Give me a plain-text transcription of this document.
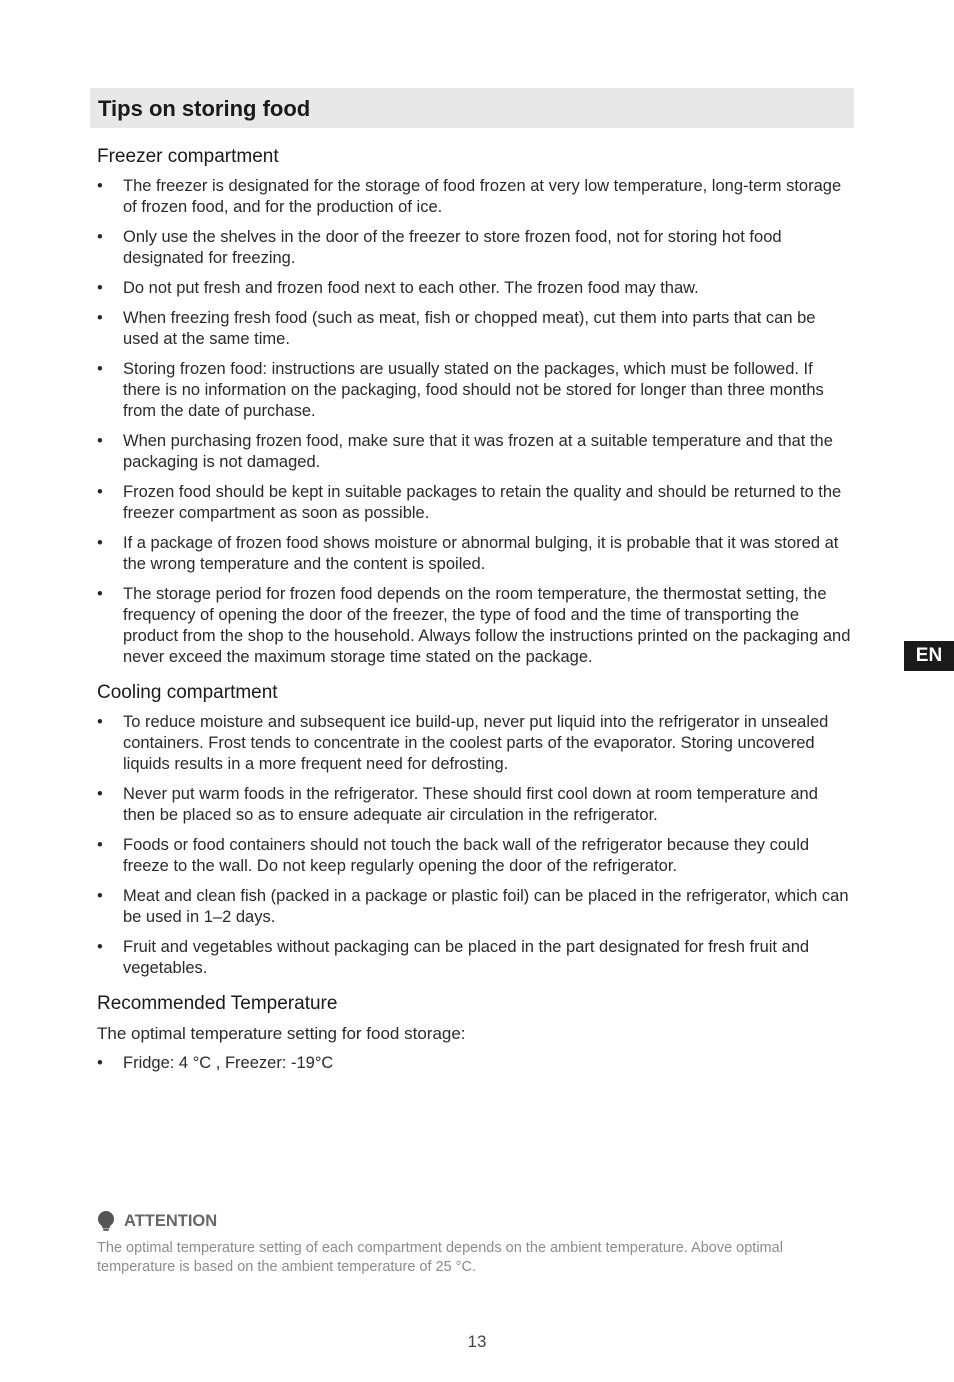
Tips on storing food
Freezer compartment
• The freezer is designated for the storage of food frozen at very low temperature, long-term storage of frozen food, and for the production of ice.
• Only use the shelves in the door of the freezer to store frozen food, not for storing hot food designated for freezing.
• Do not put fresh and frozen food next to each other. The frozen food may thaw.
• When freezing fresh food (such as meat, fish or chopped meat), cut them into parts that can be used at the same time.
• Storing frozen food: instructions are usually stated on the packages, which must be followed. If there is no information on the packaging, food should not be stored for longer than three months from the date of purchase.
• When purchasing frozen food, make sure that it was frozen at a suitable temperature and that the packaging is not damaged.
• Frozen food should be kept in suitable packages to retain the quality and should be returned to the freezer compartment as soon as possible.
• If a package of frozen food shows moisture or abnormal bulging, it is probable that it was stored at the wrong temperature and the content is spoiled.
• The storage period for frozen food depends on the room temperature, the thermostat setting, the frequency of opening the door of the freezer, the type of food and the time of transporting the product from the shop to the household. Always follow the instructions printed on the packaging and never exceed the maximum storage time stated on the package.
Cooling compartment
• To reduce moisture and subsequent ice build-up, never put liquid into the refrigerator in unsealed containers. Frost tends to concentrate in the coolest parts of the evaporator. Storing uncovered liquids results in a more frequent need for defrosting.
• Never put warm foods in the refrigerator. These should first cool down at room temperature and then be placed so as to ensure adequate air circulation in the refrigerator.
• Foods or food containers should not touch the back wall of the refrigerator because they could freeze to the wall. Do not keep regularly opening the door of the refrigerator.
• Meat and clean fish (packed in a package or plastic foil) can be placed in the refrigerator, which can be used in 1–2 days.
• Fruit and vegetables without packaging can be placed in the part designated for fresh fruit and vegetables.
Recommended Temperature
The optimal temperature setting for food storage:
• Fridge: 4 °C , Freezer: -19°C
ATTENTION
The optimal temperature setting of each compartment depends on the ambient temperature. Above optimal temperature is based on the ambient temperature of 25 °C.
EN
13
